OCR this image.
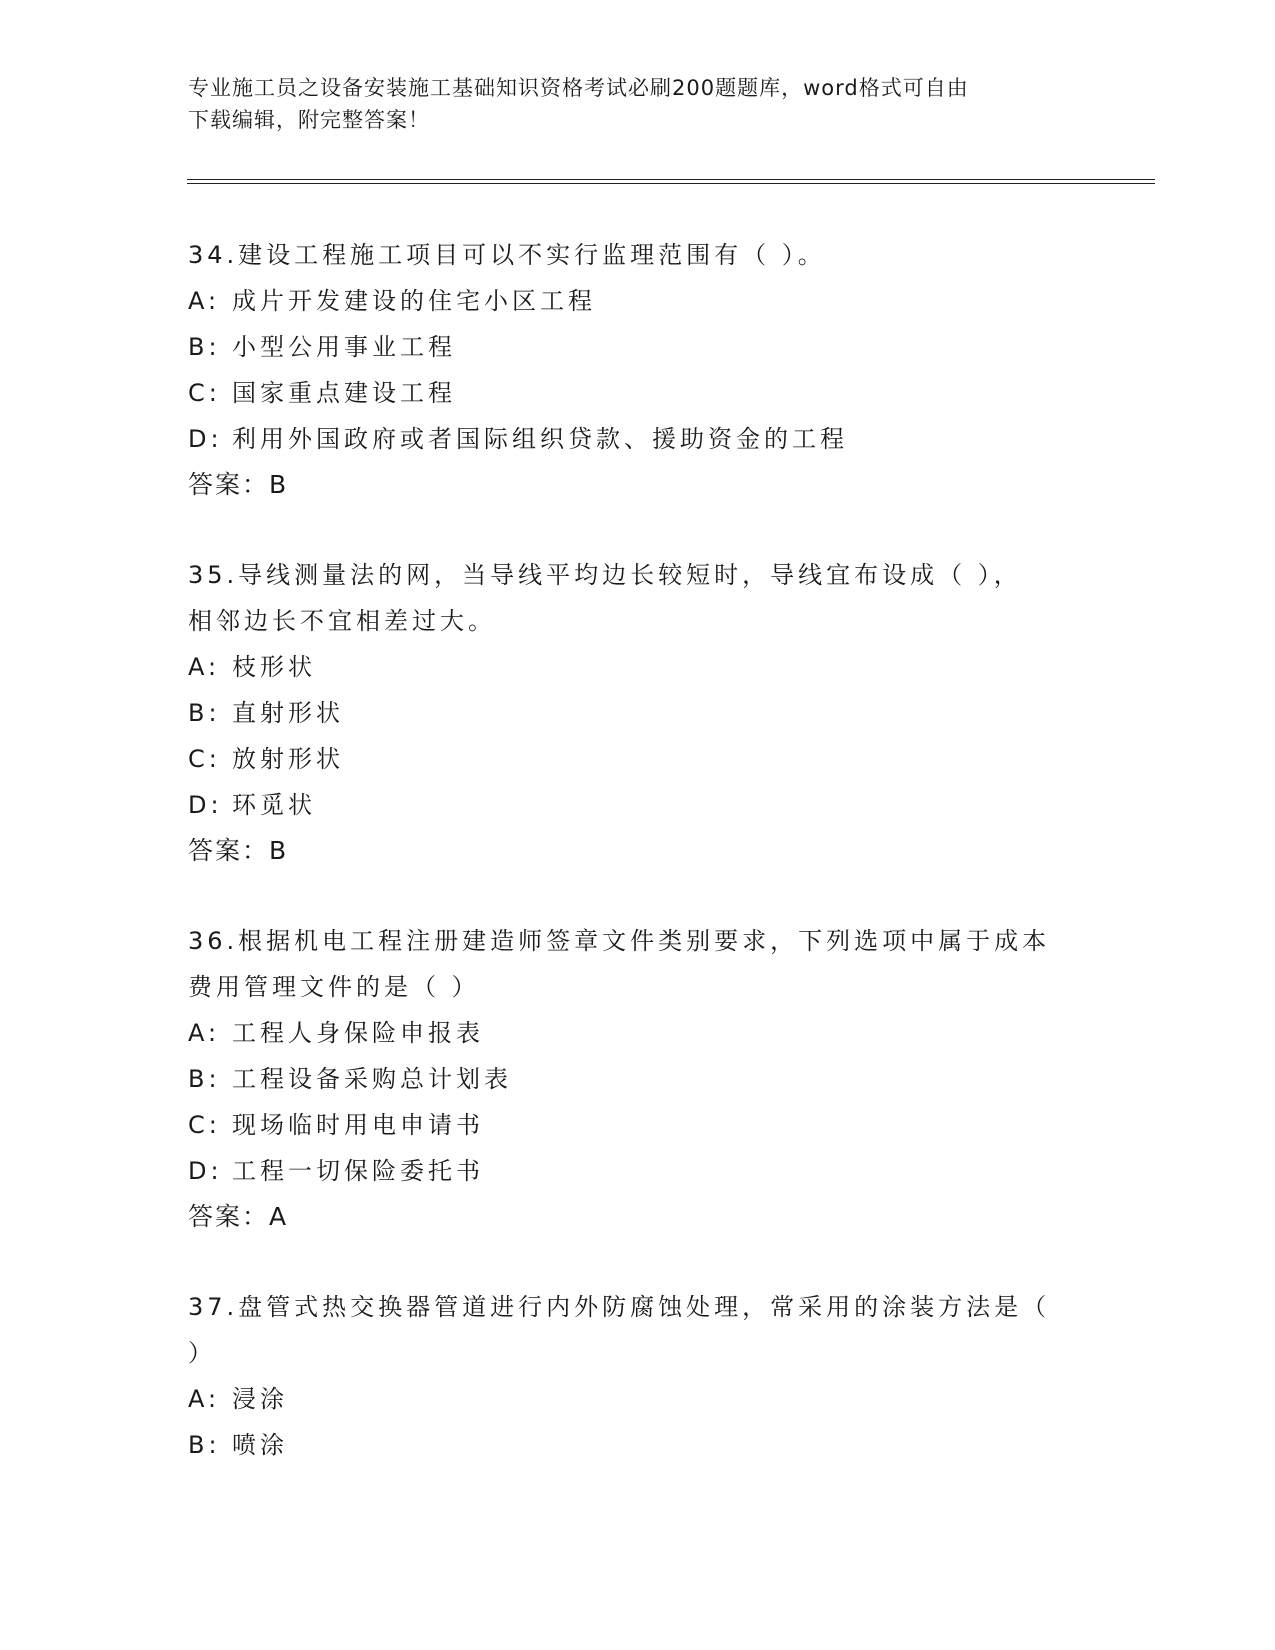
专业施工员之设备安装施工基础知识资格考试必刷200题题库，word格式可自由
下载编辑，附完整答案！
34.建设工程施工项目可以不实行监理范围有（ ）。
A: 成片开发建设的住宅小区工程
B: 小型公用事业工程
C: 国家重点建设工程
D: 利用外国政府或者国际组织贷款、援助资金的工程
答案：B
35.导线测量法的网，当导线平均边长较短时，导线宜布设成（ ），
相邻边长不宜相差过大。
A: 枝形状
B: 直射形状
C: 放射形状
D: 环觅状
答案：B
36.根据机电工程注册建造师签章文件类别要求，下列选项中属于成本
费用管理文件的是（ ）
A: 工程人身保险申报表
B: 工程设备采购总计划表
C: 现场临时用电申请书
D: 工程一切保险委托书
答案：A
37.盘管式热交换器管道进行内外防腐蚀处理，常采用的涂装方法是（
）
A: 浸涂
B: 喷涂
